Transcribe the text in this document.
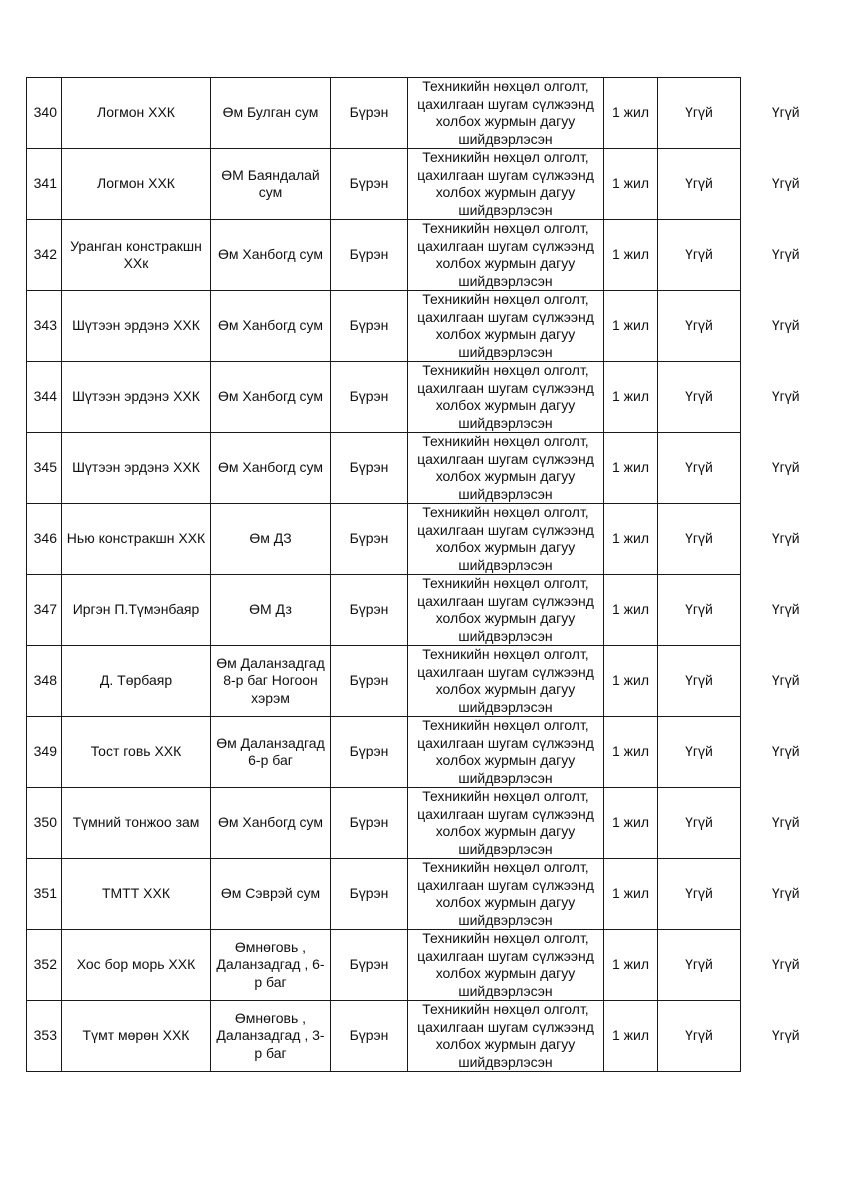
340	Логмон ХХК	Өм Булган сум	Бүрэн	Техникийн нөхцөл олголт, цахилгаан шугам сүлжээнд холбох журмын дагуу шийдвэрлэсэн	1 жил	Үгүй	Үгүй
341	Логмон ХХК	ӨМ Баяндалай сум	Бүрэн	Техникийн нөхцөл олголт, цахилгаан шугам сүлжээнд холбох журмын дагуу шийдвэрлэсэн	1 жил	Үгүй	Үгүй
342	Уранган констракшн ХХк	Өм Ханбогд сум	Бүрэн	Техникийн нөхцөл олголт, цахилгаан шугам сүлжээнд холбох журмын дагуу шийдвэрлэсэн	1 жил	Үгүй	Үгүй
343	Шүтээн эрдэнэ ХХК	Өм Ханбогд сум	Бүрэн	Техникийн нөхцөл олголт, цахилгаан шугам сүлжээнд холбох журмын дагуу шийдвэрлэсэн	1 жил	Үгүй	Үгүй
344	Шүтээн эрдэнэ ХХК	Өм Ханбогд сум	Бүрэн	Техникийн нөхцөл олголт, цахилгаан шугам сүлжээнд холбох журмын дагуу шийдвэрлэсэн	1 жил	Үгүй	Үгүй
345	Шүтээн эрдэнэ ХХК	Өм Ханбогд сум	Бүрэн	Техникийн нөхцөл олголт, цахилгаан шугам сүлжээнд холбох журмын дагуу шийдвэрлэсэн	1 жил	Үгүй	Үгүй
346	Нью констракшн ХХК	Өм ДЗ	Бүрэн	Техникийн нөхцөл олголт, цахилгаан шугам сүлжээнд холбох журмын дагуу шийдвэрлэсэн	1 жил	Үгүй	Үгүй
347	Иргэн П.Түмэнбаяр	ӨМ Дз	Бүрэн	Техникийн нөхцөл олголт, цахилгаан шугам сүлжээнд холбох журмын дагуу шийдвэрлэсэн	1 жил	Үгүй	Үгүй
348	Д. Төрбаяр	Өм Даланзадгад 8-р баг Ногоон хэрэм	Бүрэн	Техникийн нөхцөл олголт, цахилгаан шугам сүлжээнд холбох журмын дагуу шийдвэрлэсэн	1 жил	Үгүй	Үгүй
349	Тост говь ХХК	Өм Даланзадгад 6-р баг	Бүрэн	Техникийн нөхцөл олголт, цахилгаан шугам сүлжээнд холбох журмын дагуу шийдвэрлэсэн	1 жил	Үгүй	Үгүй
350	Түмний тонжоо зам	Өм Ханбогд сум	Бүрэн	Техникийн нөхцөл олголт, цахилгаан шугам сүлжээнд холбох журмын дагуу шийдвэрлэсэн	1 жил	Үгүй	Үгүй
351	ТМТТ ХХК	Өм Сэврэй сум	Бүрэн	Техникийн нөхцөл олголт, цахилгаан шугам сүлжээнд холбох журмын дагуу шийдвэрлэсэн	1 жил	Үгүй	Үгүй
352	Хос бор морь ХХК	Өмнөговь , Даланзадгад , 6-р баг	Бүрэн	Техникийн нөхцөл олголт, цахилгаан шугам сүлжээнд холбох журмын дагуу шийдвэрлэсэн	1 жил	Үгүй	Үгүй
353	Түмт мөрөн ХХК	Өмнөговь , Даланзадгад , 3-р баг	Бүрэн	Техникийн нөхцөл олголт, цахилгаан шугам сүлжээнд холбох журмын дагуу шийдвэрлэсэн	1 жил	Үгүй	Үгүй
